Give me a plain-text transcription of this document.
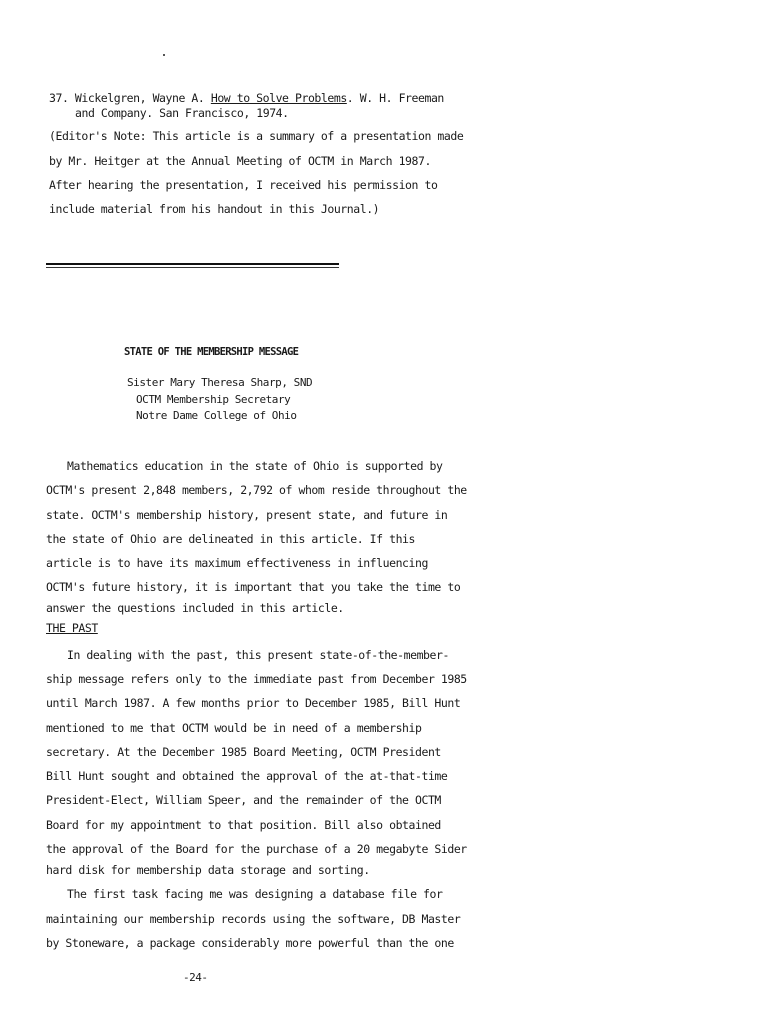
37. Wickelgren, Wayne A. How to Solve Problems. W. H. Freeman
and Company. San Francisco, 1974.
(Editor's Note: This article is a summary of a presentation made
by Mr. Heitger at the Annual Meeting of OCTM in March 1987.
After hearing the presentation, I received his permission to
include material from his handout in this Journal.)
STATE OF THE MEMBERSHIP MESSAGE
Sister Mary Theresa Sharp, SND
OCTM Membership Secretary
Notre Dame College of Ohio
Mathematics education in the state of Ohio is supported by
OCTM's present 2,848 members, 2,792 of whom reside throughout the
state. OCTM's membership history, present state, and future in
the state of Ohio are delineated in this article. If this
article is to have its maximum effectiveness in influencing
OCTM's future history, it is important that you take the time to
answer the questions included in this article.
THE PAST
In dealing with the past, this present state-of-the-member-
ship message refers only to the immediate past from December 1985
until March 1987. A few months prior to December 1985, Bill Hunt
mentioned to me that OCTM would be in need of a membership
secretary. At the December 1985 Board Meeting, OCTM President
Bill Hunt sought and obtained the approval of the at-that-time
President-Elect, William Speer, and the remainder of the OCTM
Board for my appointment to that position. Bill also obtained
the approval of the Board for the purchase of a 20 megabyte Sider
hard disk for membership data storage and sorting.
The first task facing me was designing a database file for
maintaining our membership records using the software, DB Master
by Stoneware, a package considerably more powerful than the one
-24-
